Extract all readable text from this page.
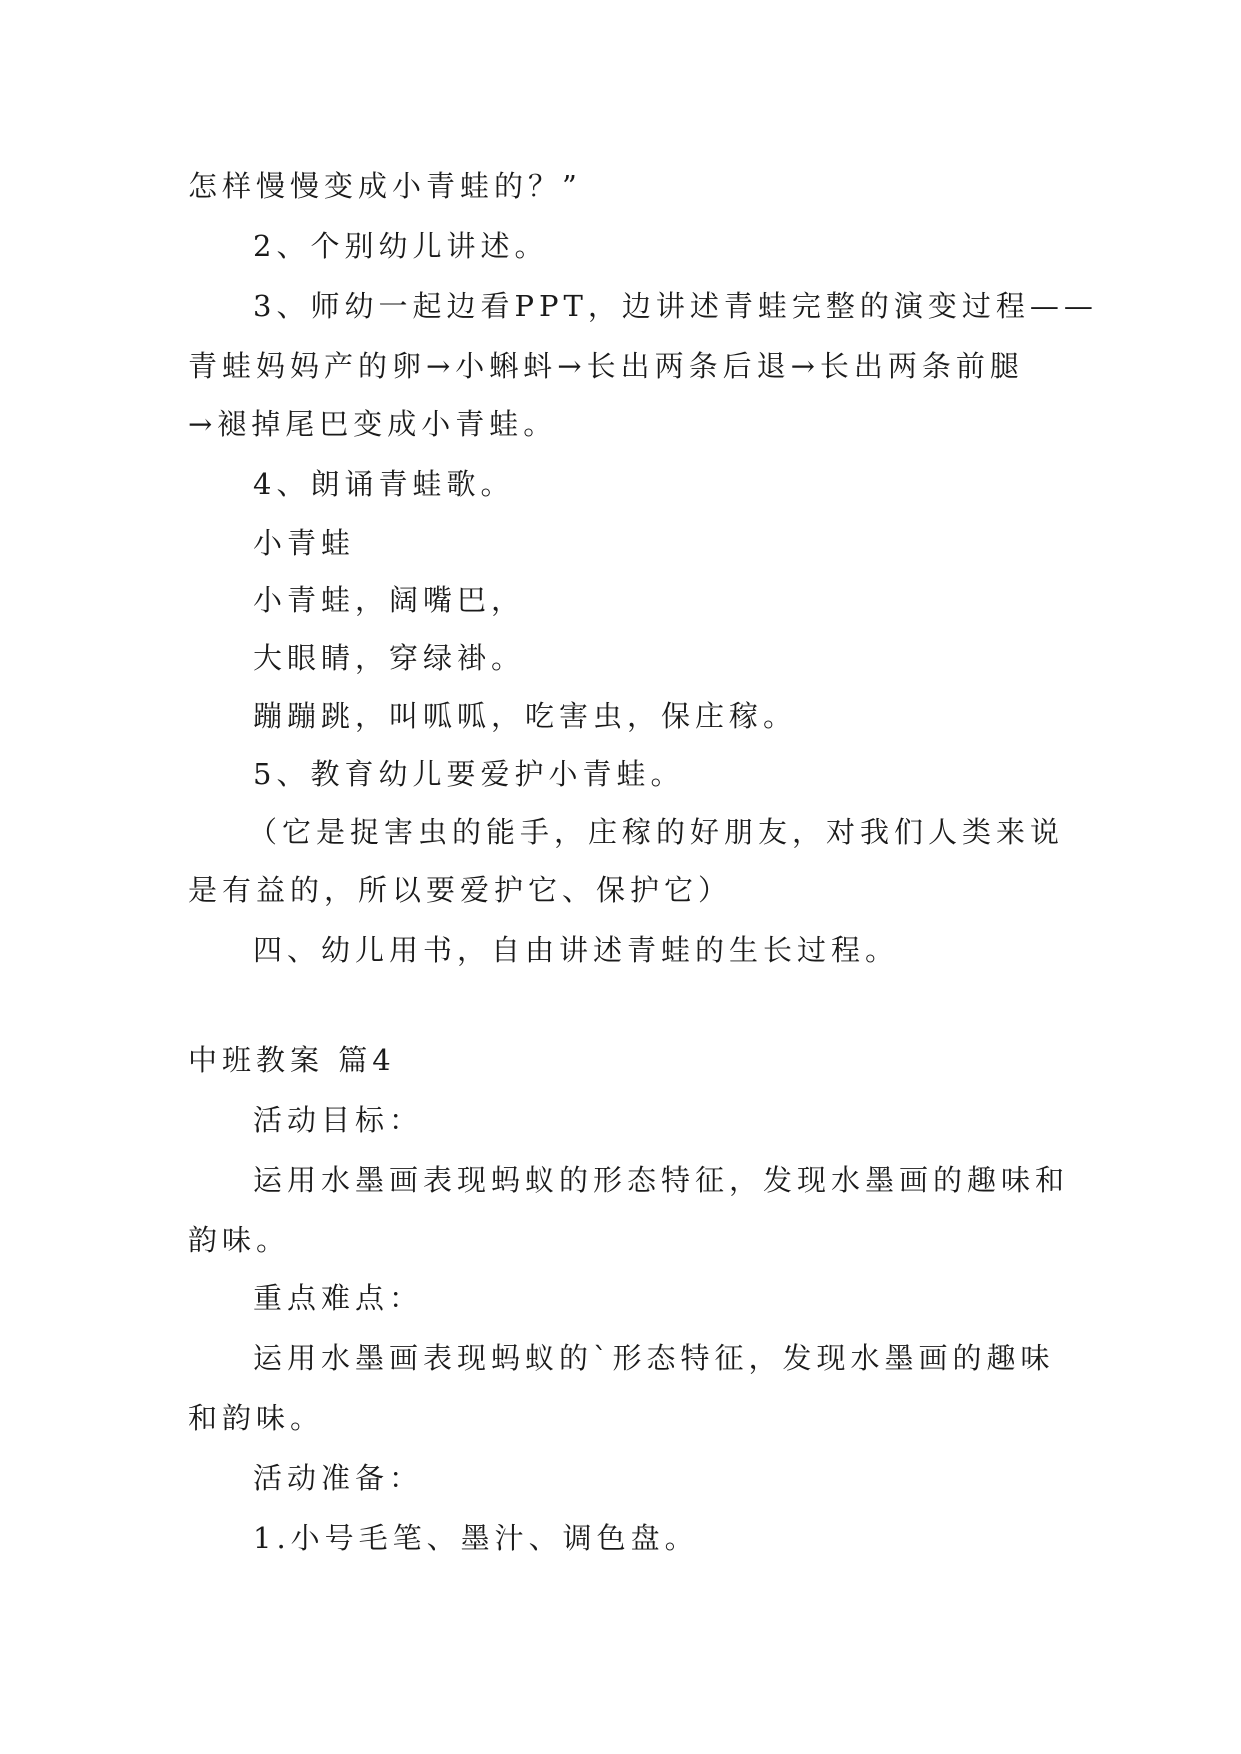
怎样慢慢变成小青蛙的？”

2、个别幼儿讲述。

3、师幼一起边看PPT，边讲述青蛙完整的演变过程——

青蛙妈妈产的卵→小蝌蚪→长出两条后退→长出两条前腿

→褪掉尾巴变成小青蛙。

4、朗诵青蛙歌。

小青蛙

小青蛙，阔嘴巴，

大眼睛，穿绿褂。

蹦蹦跳，叫呱呱，吃害虫，保庄稼。

5、教育幼儿要爱护小青蛙。

（它是捉害虫的能手，庄稼的好朋友，对我们人类来说

是有益的，所以要爱护它、保护它）

四、幼儿用书，自由讲述青蛙的生长过程。

中班教案 篇4

活动目标：

运用水墨画表现蚂蚁的形态特征，发现水墨画的趣味和

韵味。

重点难点：

运用水墨画表现蚂蚁的`形态特征，发现水墨画的趣味

和韵味。

活动准备：

1.小号毛笔、墨汁、调色盘。
